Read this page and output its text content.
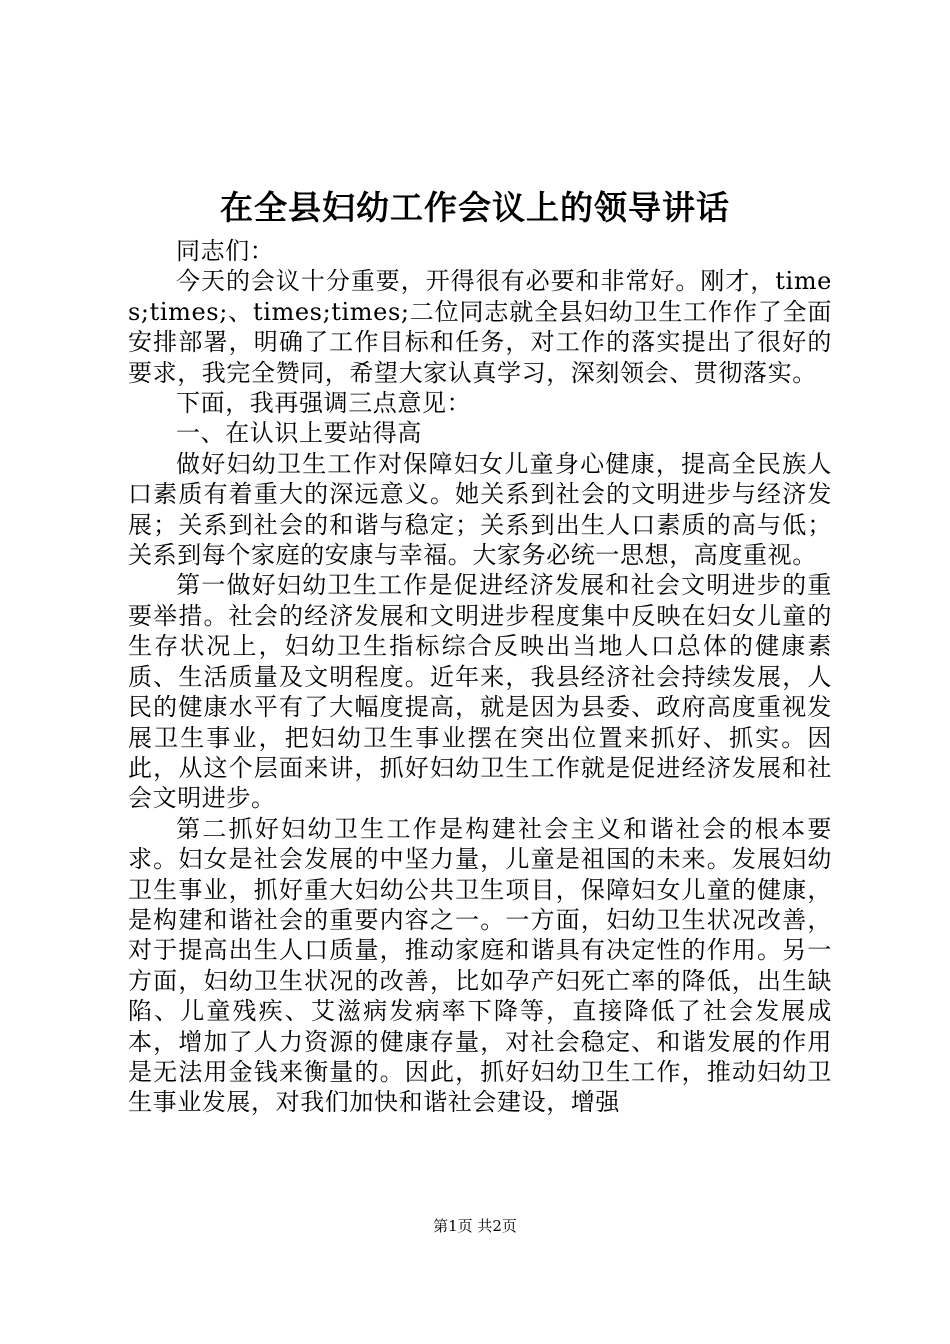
在全县妇幼工作会议上的领导讲话

同志们：

今天的会议十分重要，开得很有必要和非常好。刚才，times;times;、times;times;二位同志就全县妇幼卫生工作作了全面安排部署，明确了工作目标和任务，对工作的落实提出了很好的要求，我完全赞同，希望大家认真学习，深刻领会、贯彻落实。

下面，我再强调三点意见：

一、在认识上要站得高

做好妇幼卫生工作对保障妇女儿童身心健康，提高全民族人口素质有着重大的深远意义。她关系到社会的文明进步与经济发展；关系到社会的和谐与稳定；关系到出生人口素质的高与低；关系到每个家庭的安康与幸福。大家务必统一思想，高度重视。

第一做好妇幼卫生工作是促进经济发展和社会文明进步的重要举措。社会的经济发展和文明进步程度集中反映在妇女儿童的生存状况上，妇幼卫生指标综合反映出当地人口总体的健康素质、生活质量及文明程度。近年来，我县经济社会持续发展，人民的健康水平有了大幅度提高，就是因为县委、政府高度重视发展卫生事业，把妇幼卫生事业摆在突出位置来抓好、抓实。因此，从这个层面来讲，抓好妇幼卫生工作就是促进经济发展和社会文明进步。

第二抓好妇幼卫生工作是构建社会主义和谐社会的根本要求。妇女是社会发展的中坚力量，儿童是祖国的未来。发展妇幼卫生事业，抓好重大妇幼公共卫生项目，保障妇女儿童的健康，是构建和谐社会的重要内容之一。一方面，妇幼卫生状况改善，对于提高出生人口质量，推动家庭和谐具有决定性的作用。另一方面，妇幼卫生状况的改善，比如孕产妇死亡率的降低，出生缺陷、儿童残疾、艾滋病发病率下降等，直接降低了社会发展成本，增加了人力资源的健康存量，对社会稳定、和谐发展的作用是无法用金钱来衡量的。因此，抓好妇幼卫生工作，推动妇幼卫生事业发展，对我们加快和谐社会建设，增强

第1页 共2页
